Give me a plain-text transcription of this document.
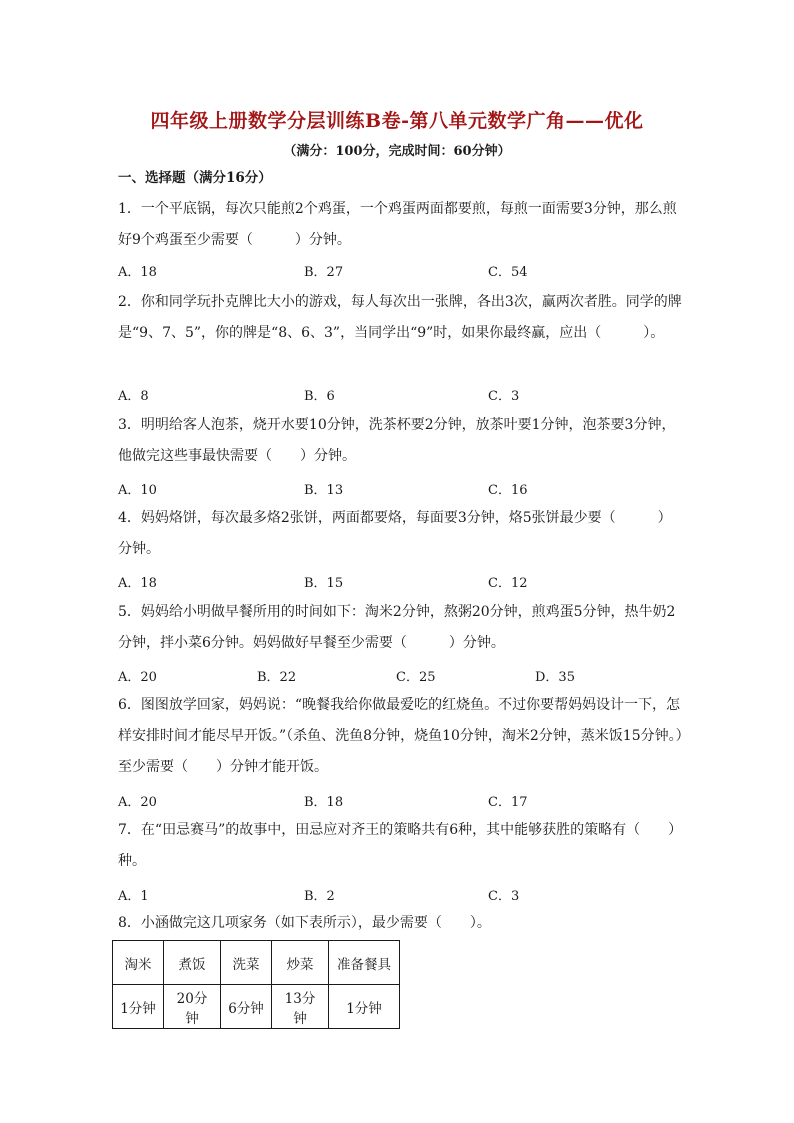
四年级上册数学分层训练B卷-第八单元数学广角——优化
（满分：100分，完成时间：60分钟）
一、选择题（满分16分）
1．一个平底锅，每次只能煎2个鸡蛋，一个鸡蛋两面都要煎，每煎一面需要3分钟，那么煎好9个鸡蛋至少需要（　　　）分钟。
A．18	B．27	C．54
2．你和同学玩扑克牌比大小的游戏，每人每次出一张牌，各出3次，赢两次者胜。同学的牌是“9、7、5”，你的牌是“8、6、3”，当同学出“9”时，如果你最终赢，应出（　　　）。
A．8	B．6	C．3
3．明明给客人泡茶，烧开水要10分钟，洗茶杯要2分钟，放茶叶要1分钟，泡茶要3分钟，他做完这些事最快需要（　　）分钟。
A．10	B．13	C．16
4．妈妈烙饼，每次最多烙2张饼，两面都要烙，每面要3分钟，烙5张饼最少要（　　　）分钟。
A．18	B．15	C．12
5．妈妈给小明做早餐所用的时间如下：淘米2分钟，熬粥20分钟，煎鸡蛋5分钟，热牛奶2分钟，拌小菜6分钟。妈妈做好早餐至少需要（　　　）分钟。
A．20	B．22	C．25	D．35
6．图图放学回家，妈妈说：“晚餐我给你做最爱吃的红烧鱼。不过你要帮妈妈设计一下，怎样安排时间才能尽早开饭。”（杀鱼、洗鱼8分钟，烧鱼10分钟，淘米2分钟，蒸米饭15分钟。）至少需要（　　）分钟才能开饭。
A．20	B．18	C．17
7．在“田忌赛马”的故事中，田忌应对齐王的策略共有6种，其中能够获胜的策略有（　　）种。
A．1	B．2	C．3
8．小涵做完这几项家务（如下表所示），最少需要（　　）。
淘米	煮饭	洗菜	炒菜	准备餐具
1分钟	20分钟	6分钟	13分钟	1分钟
